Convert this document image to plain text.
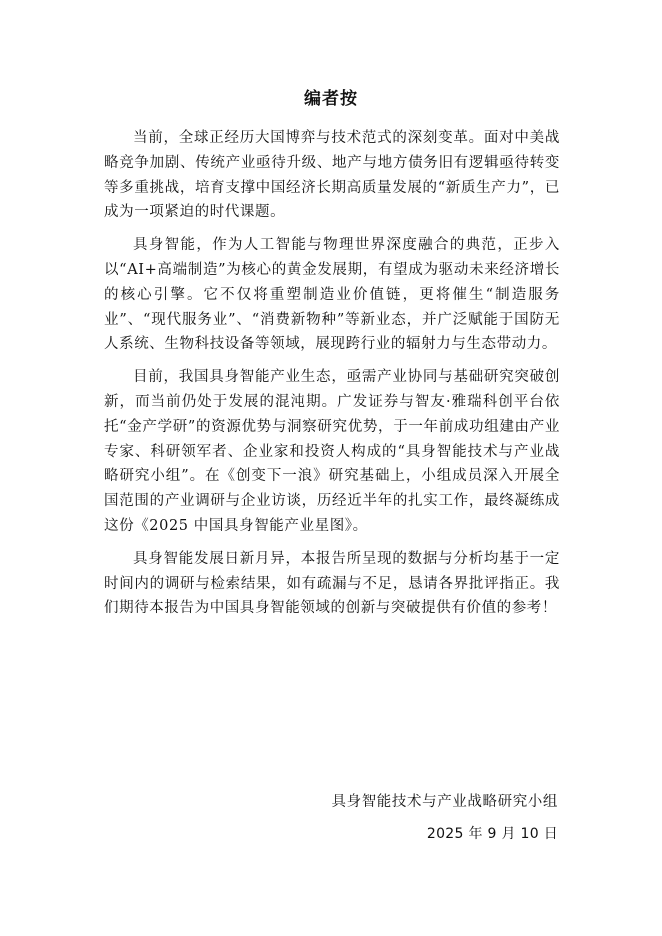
编者按

当前，全球正经历大国博弈与技术范式的深刻变革。面对中美战略竞争加剧、传统产业亟待升级、地产与地方债务旧有逻辑亟待转变等多重挑战，培育支撑中国经济长期高质量发展的“新质生产力”，已成为一项紧迫的时代课题。

具身智能，作为人工智能与物理世界深度融合的典范，正步入以“AI+高端制造”为核心的黄金发展期，有望成为驱动未来经济增长的核心引擎。它不仅将重塑制造业价值链，更将催生“制造服务业”、“现代服务业”、“消费新物种”等新业态，并广泛赋能于国防无人系统、生物科技设备等领域，展现跨行业的辐射力与生态带动力。

目前，我国具身智能产业生态，亟需产业协同与基础研究突破创新，而当前仍处于发展的混沌期。广发证券与智友·雅瑞科创平台依托“金产学研”的资源优势与洞察研究优势，于一年前成功组建由产业专家、科研领军者、企业家和投资人构成的“具身智能技术与产业战略研究小组”。在《创变下一浪》研究基础上，小组成员深入开展全国范围的产业调研与企业访谈，历经近半年的扎实工作，最终凝练成这份《2025 中国具身智能产业星图》。

具身智能发展日新月异，本报告所呈现的数据与分析均基于一定时间内的调研与检索结果，如有疏漏与不足，恳请各界批评指正。我们期待本报告为中国具身智能领域的创新与突破提供有价值的参考！

具身智能技术与产业战略研究小组
2025 年 9 月 10 日
